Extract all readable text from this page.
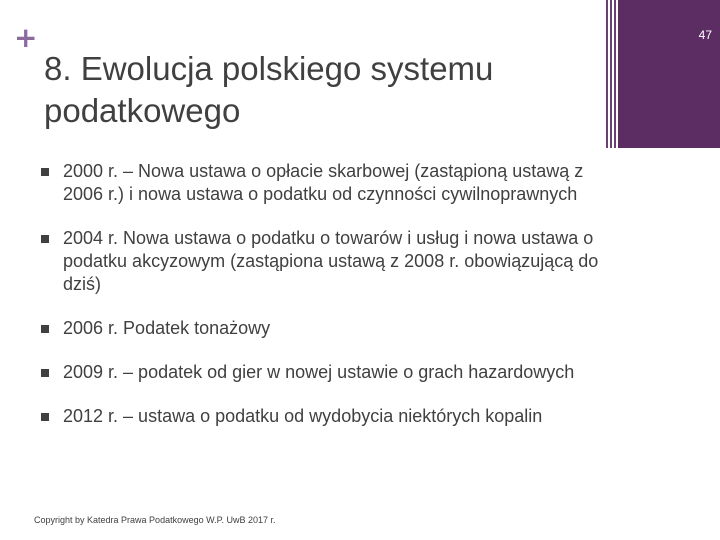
+
8. Ewolucja polskiego systemu podatkowego
47
2000 r. – Nowa ustawa o opłacie skarbowej (zastąpioną ustawą z 2006 r.) i nowa ustawa o podatku od czynności cywilnoprawnych
2004 r. Nowa ustawa o podatku o towarów i usług i nowa ustawa o podatku akcyzowym (zastąpiona ustawą z 2008 r. obowiązującą do dziś)
2006 r. Podatek tonażowy
2009 r. – podatek od gier w nowej ustawie o grach hazardowych
2012 r. – ustawa o podatku od wydobycia niektórych kopalin
Copyright by Katedra Prawa Podatkowego W.P. UwB 2017 r.
